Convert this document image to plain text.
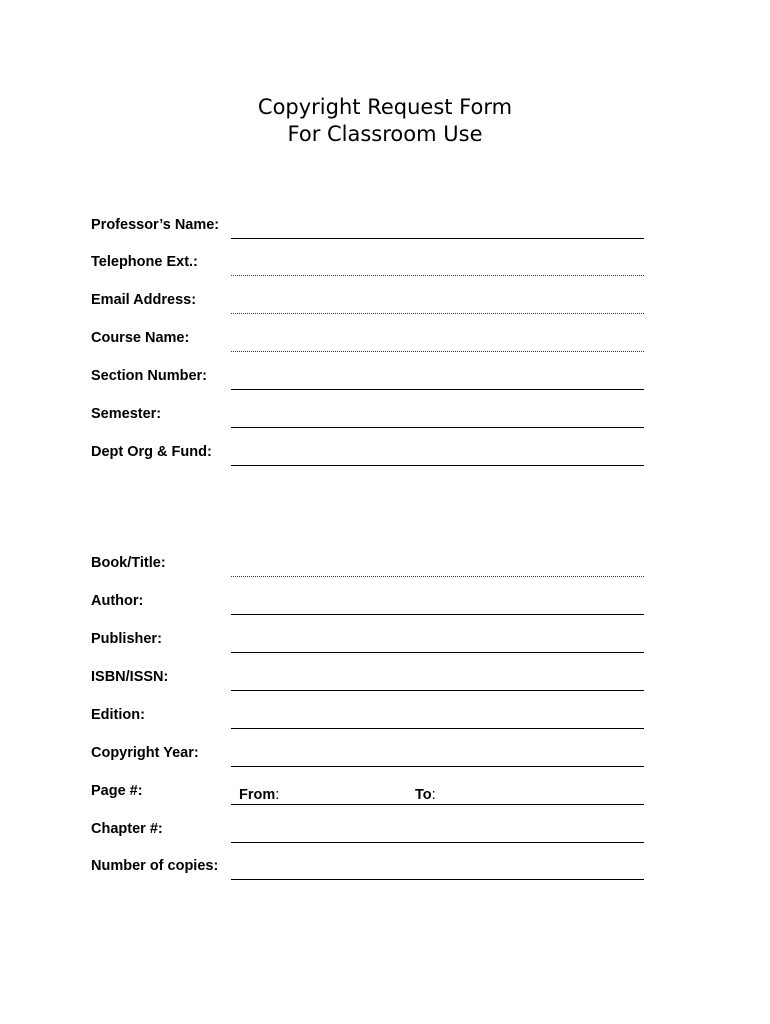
Copyright Request Form
For Classroom Use
Professor’s Name:
Telephone Ext.:
Email Address:
Course Name:
Section Number:
Semester:
Dept Org & Fund:
Book/Title:
Author:
Publisher:
ISBN/ISSN:
Edition:
Copyright Year:
Page #:	From:	To:
Chapter #:
Number of copies:
